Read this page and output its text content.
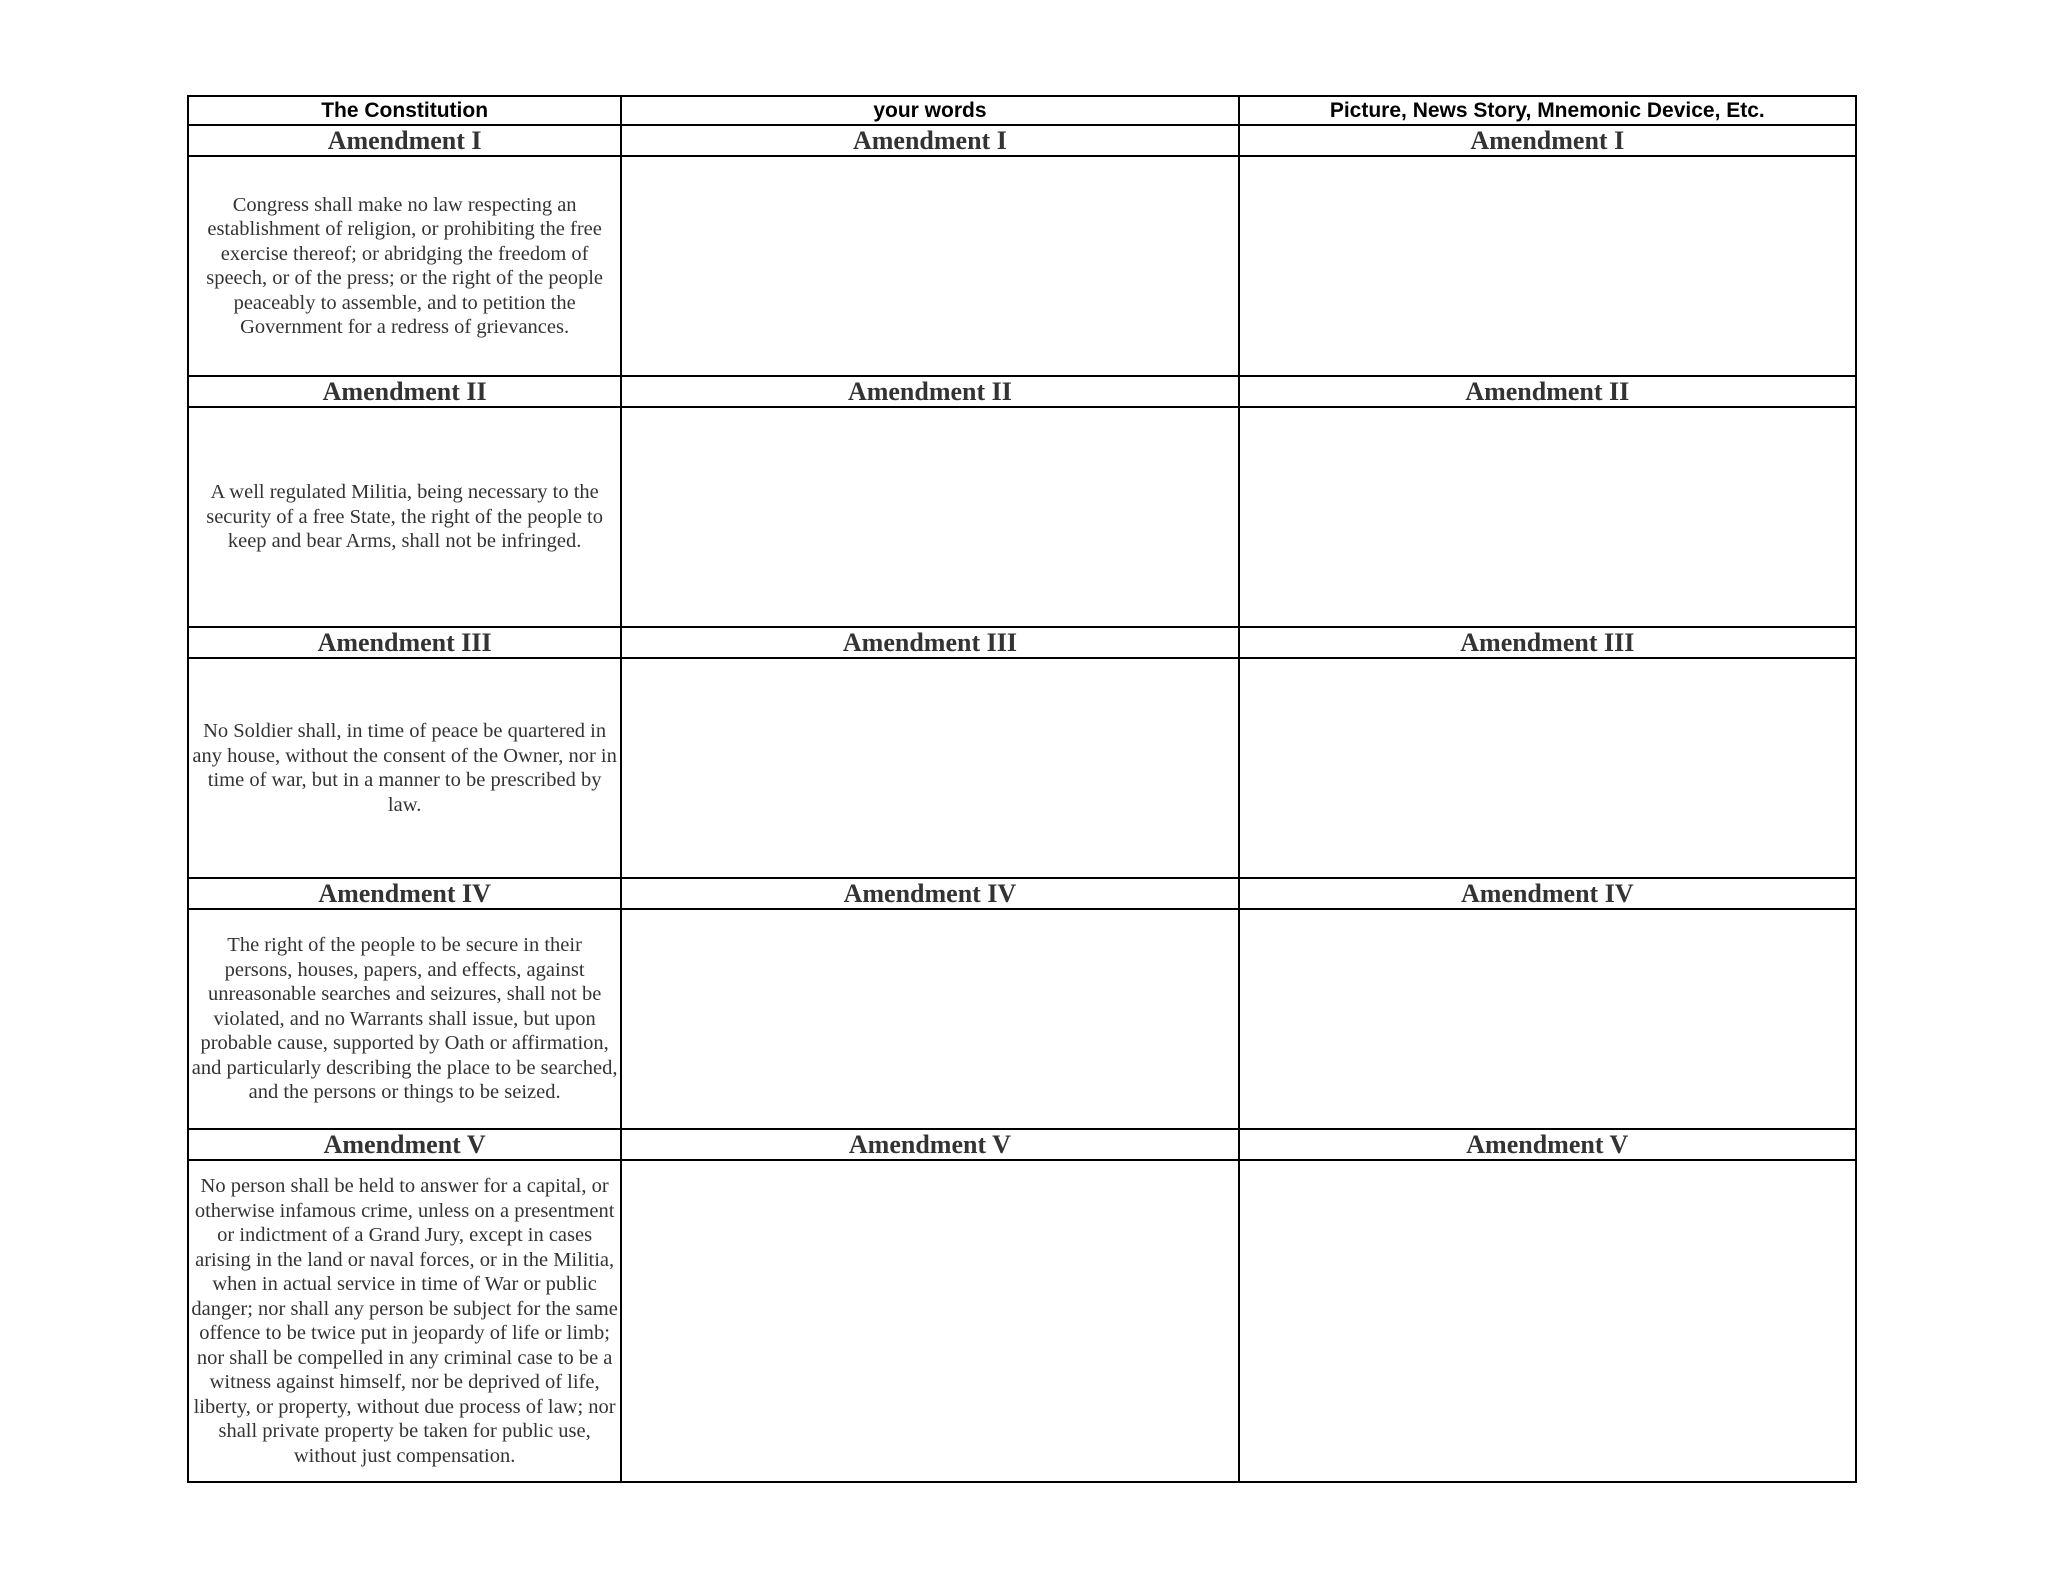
The Constitution	your words	Picture, News Story, Mnemonic Device, Etc.
Amendment I	Amendment I	Amendment I

Congress shall make no law respecting an establishment of religion, or prohibiting the free exercise thereof; or abridging the freedom of speech, or of the press; or the right of the people peaceably to assemble, and to petition the Government for a redress of grievances.		

Amendment II	Amendment II	Amendment II

A well regulated Militia, being necessary to the security of a free State, the right of the people to keep and bear Arms, shall not be infringed.		

Amendment III	Amendment III	Amendment III

No Soldier shall, in time of peace be quartered in any house, without the consent of the Owner, nor in time of war, but in a manner to be prescribed by law.		

Amendment IV	Amendment IV	Amendment IV

The right of the people to be secure in their persons, houses, papers, and effects, against unreasonable searches and seizures, shall not be violated, and no Warrants shall issue, but upon probable cause, supported by Oath or affirmation, and particularly describing the place to be searched, and the persons or things to be seized.		

Amendment V	Amendment V	Amendment V

No person shall be held to answer for a capital, or otherwise infamous crime, unless on a presentment or indictment of a Grand Jury, except in cases arising in the land or naval forces, or in the Militia, when in actual service in time of War or public danger; nor shall any person be subject for the same offence to be twice put in jeopardy of life or limb; nor shall be compelled in any criminal case to be a witness against himself, nor be deprived of life, liberty, or property, without due process of law; nor shall private property be taken for public use, without just compensation.		
